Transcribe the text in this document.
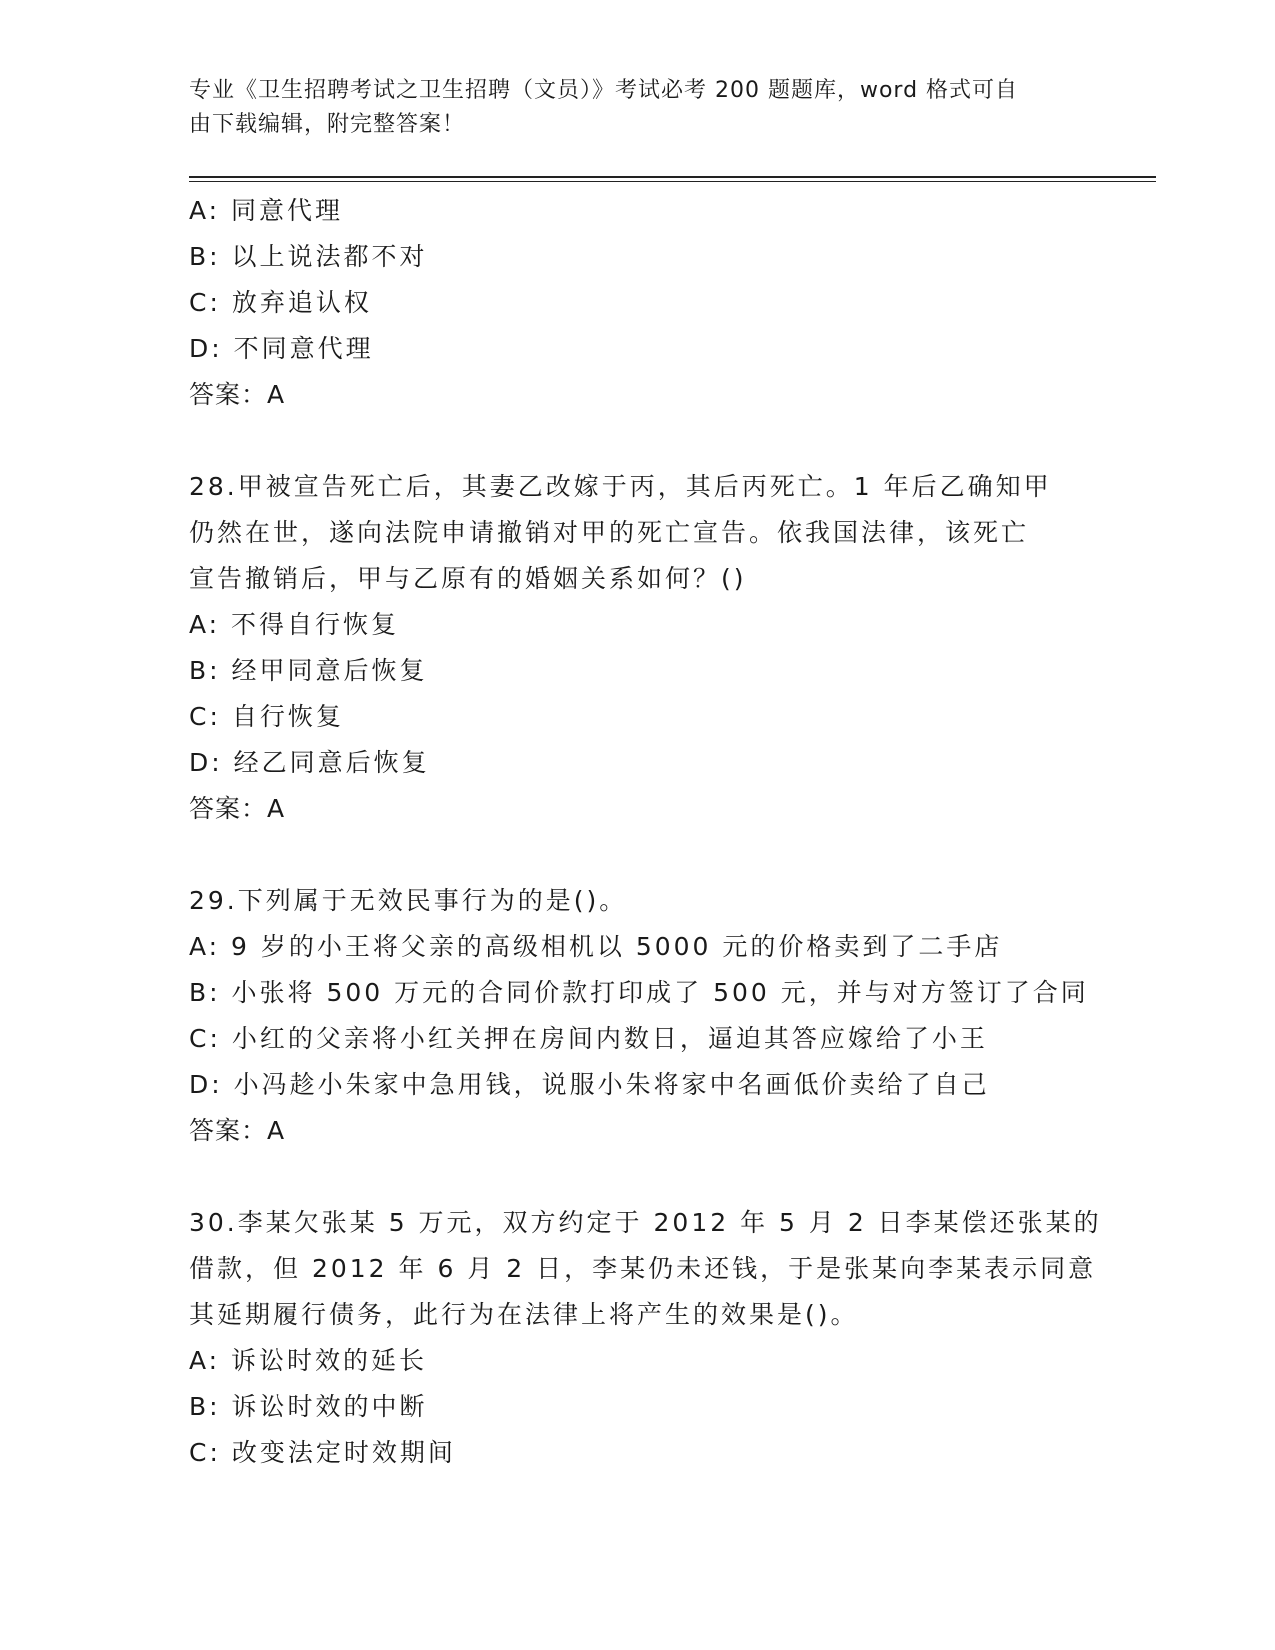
专业《卫生招聘考试之卫生招聘（文员）》考试必考 200 题题库，word 格式可自
由下载编辑，附完整答案！
A: 同意代理
B: 以上说法都不对
C: 放弃追认权
D: 不同意代理
答案：A
28.甲被宣告死亡后，其妻乙改嫁于丙，其后丙死亡。1 年后乙确知甲
仍然在世，遂向法院申请撤销对甲的死亡宣告。依我国法律，该死亡
宣告撤销后，甲与乙原有的婚姻关系如何？()
A: 不得自行恢复
B: 经甲同意后恢复
C: 自行恢复
D: 经乙同意后恢复
答案：A
29.下列属于无效民事行为的是()。
A: 9 岁的小王将父亲的高级相机以 5000 元的价格卖到了二手店
B: 小张将 500 万元的合同价款打印成了 500 元，并与对方签订了合同
C: 小红的父亲将小红关押在房间内数日，逼迫其答应嫁给了小王
D: 小冯趁小朱家中急用钱，说服小朱将家中名画低价卖给了自己
答案：A
30.李某欠张某 5 万元，双方约定于 2012 年 5 月 2 日李某偿还张某的
借款，但 2012 年 6 月 2 日，李某仍未还钱，于是张某向李某表示同意
其延期履行债务，此行为在法律上将产生的效果是()。
A: 诉讼时效的延长
B: 诉讼时效的中断
C: 改变法定时效期间
